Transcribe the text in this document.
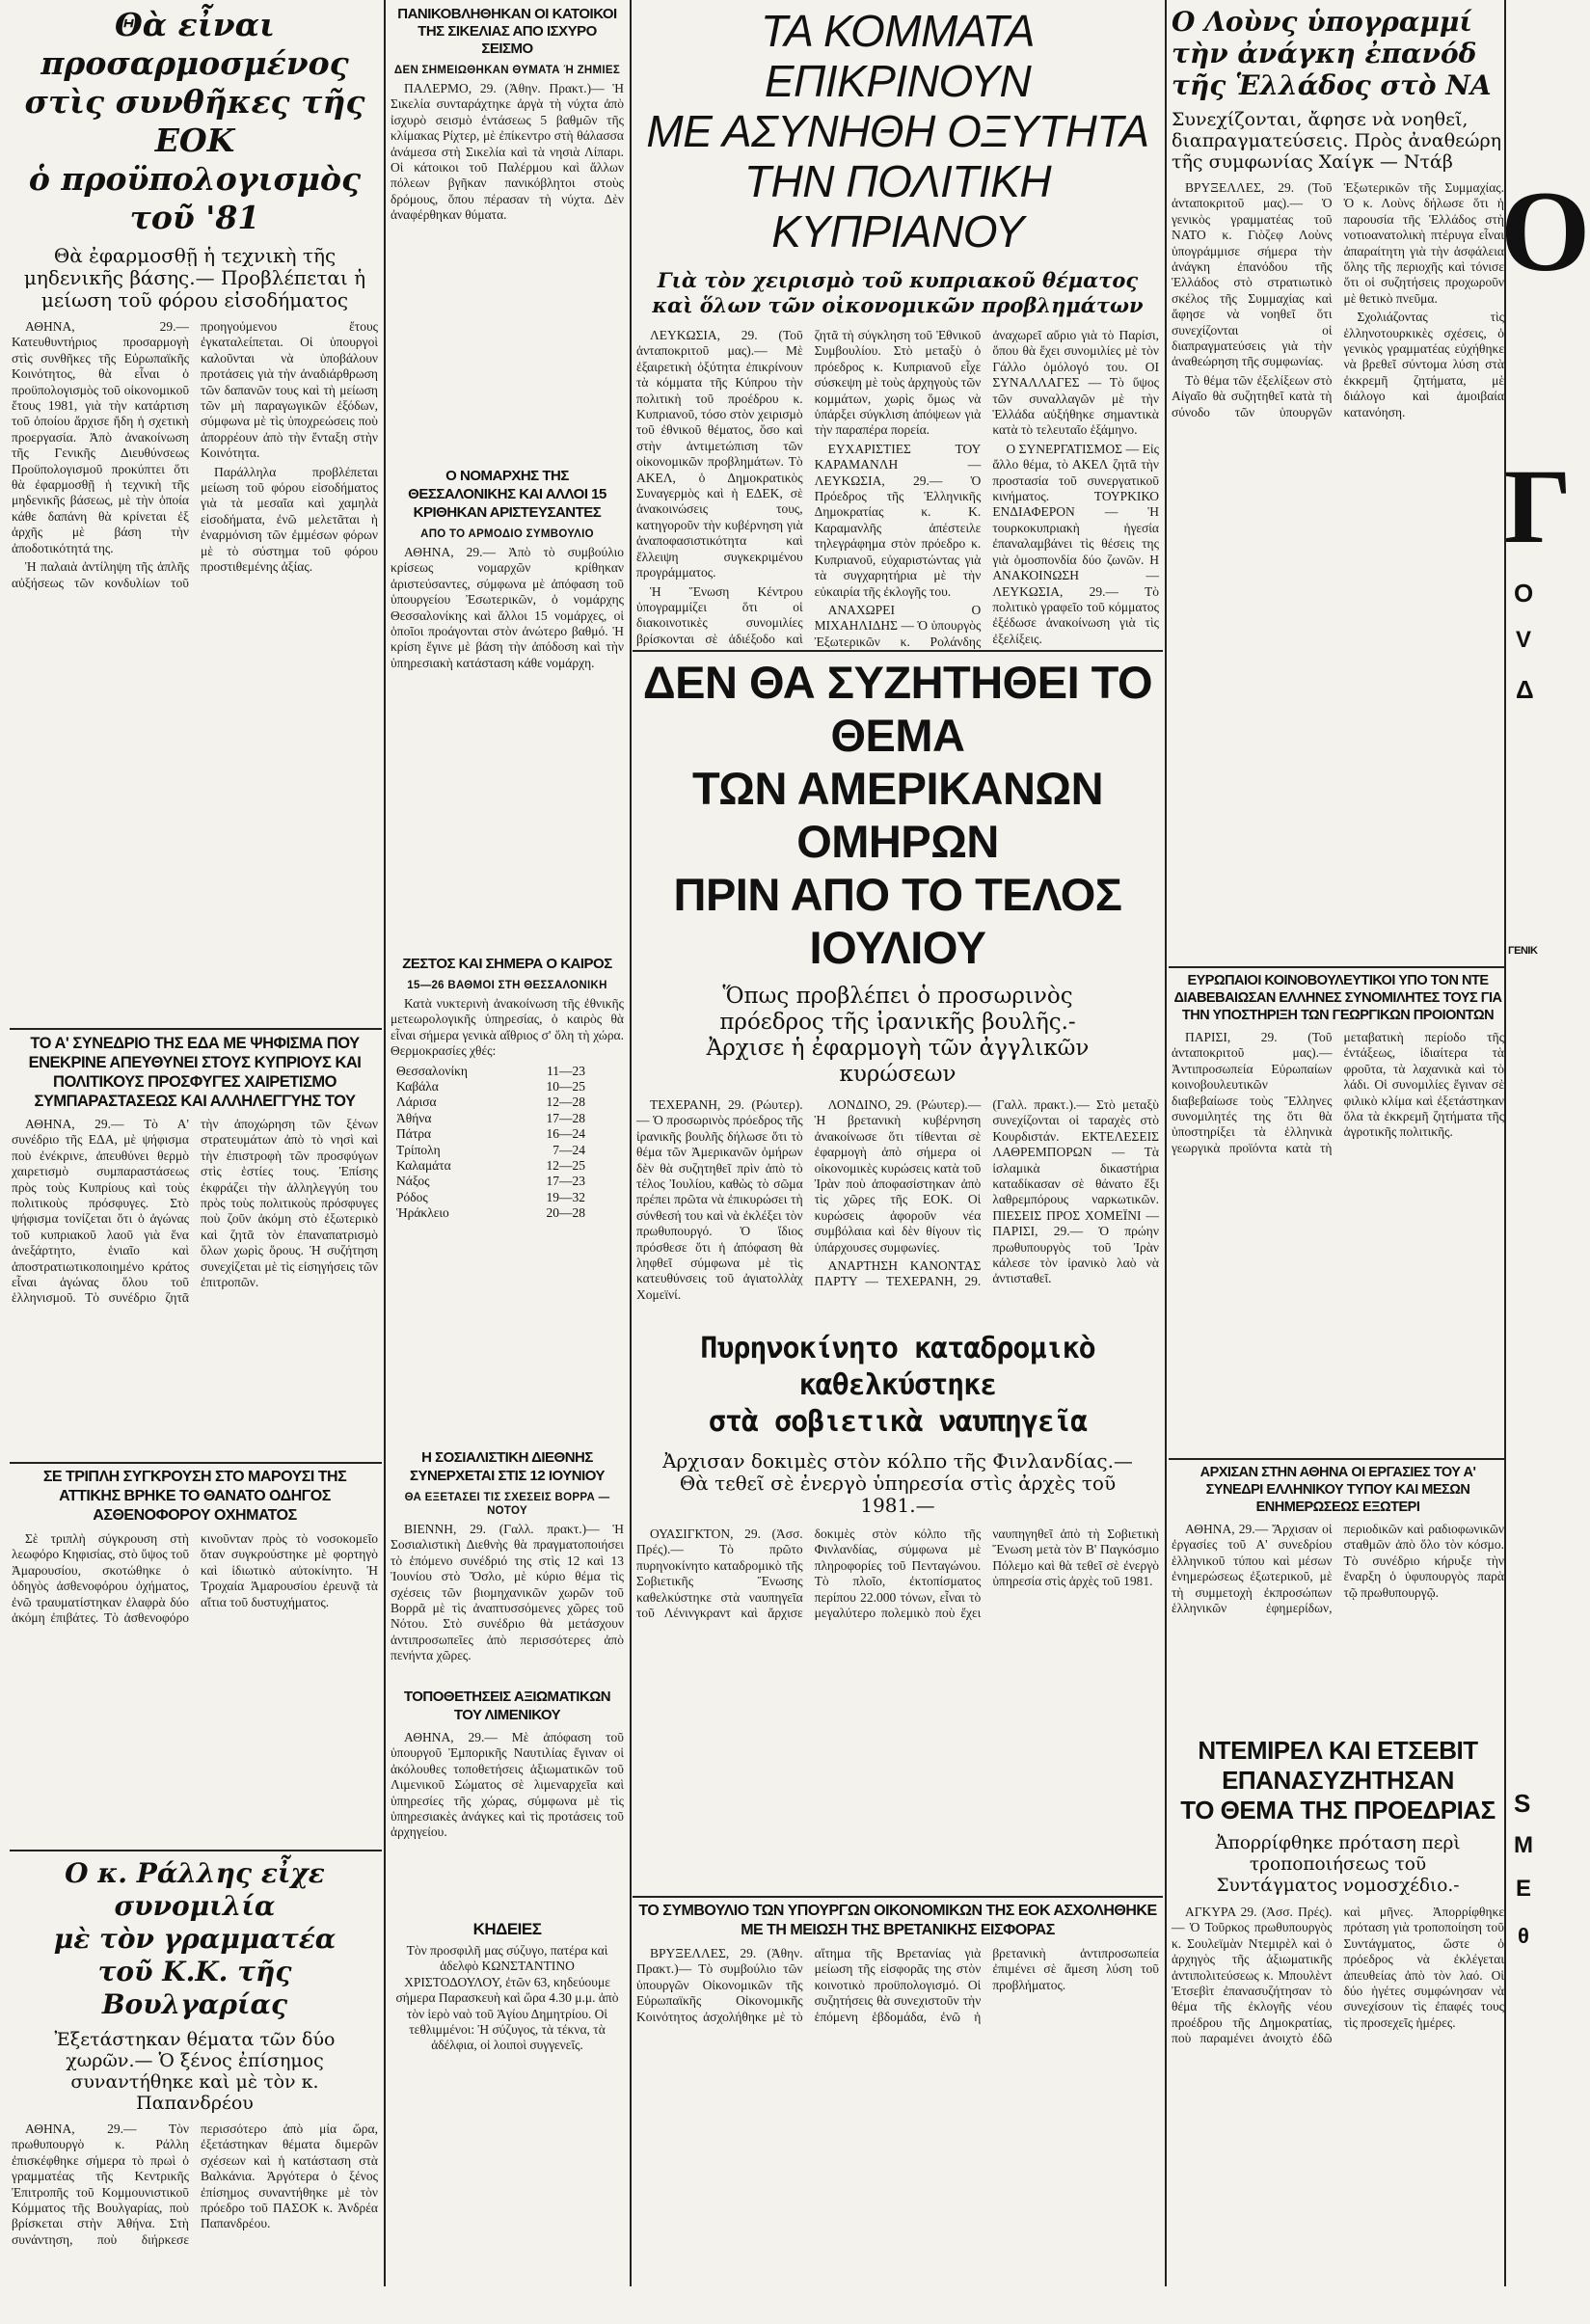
Θὰ εἶναι προσαρμοσμένος
στὶς συνθῆκες τῆς ΕΟΚ
ὁ προϋπολογισμὸς τοῦ '81
Θὰ ἐφαρμοσθῇ ἡ τεχνικὴ τῆς μηδενικῆς βάσης.— Προβλέπεται ἡ μείωση τοῦ φόρου εἰσοδήματος

ΑΘΗΝΑ, 29.— Κατευθυντήριος προσαρμογὴ στὶς συνθῆκες τῆς Εὐρωπαϊκῆς Κοινότητος, θὰ εἶναι ὁ προϋπολογισμὸς τοῦ οἰκονομικοῦ ἔτους 1981, γιὰ τὴν κατάρτιση τοῦ ὁποίου ἄρχισε ἤδη ἡ σχετικὴ προεργασία. Ἀπὸ ἀνακοίνωση τῆς Γενικῆς Διευθύνσεως Προϋπολογισμοῦ προκύπτει ὅτι θὰ ἐφαρμοσθῇ ἡ τεχνικὴ τῆς μηδενικῆς βάσεως, μὲ τὴν ὁποία κάθε δαπάνη θὰ κρίνεται ἐξ ἀρχῆς μὲ βάση τὴν ἀποδοτικότητά της.

Ἡ παλαιὰ ἀντίληψη τῆς ἁπλῆς αὐξήσεως τῶν κονδυλίων τοῦ προηγούμενου ἔτους ἐγκαταλείπεται. Οἱ ὑπουργοὶ καλοῦνται νὰ ὑποβάλουν προτάσεις γιὰ τὴν ἀναδιάρθρωση τῶν δαπανῶν τους καὶ τὴ μείωση τῶν μὴ παραγωγικῶν ἐξόδων, σύμφωνα μὲ τὶς ὑποχρεώσεις ποὺ ἀπορρέουν ἀπὸ τὴν ἔνταξη στὴν Κοινότητα.

Παράλληλα προβλέπεται μείωση τοῦ φόρου εἰσοδήματος γιὰ τὰ μεσαῖα καὶ χαμηλὰ εἰσοδήματα, ἐνῶ μελετᾶται ἡ ἐναρμόνιση τῶν ἐμμέσων φόρων μὲ τὸ σύστημα τοῦ φόρου προστιθεμένης ἀξίας.

ΤΟ Α' ΣΥΝΕΔΡΙΟ ΤΗΣ ΕΔΑ ΜΕ ΨΗΦΙΣΜΑ ΠΟΥ ΕΝΕΚΡΙΝΕ ΑΠΕΥΘΥΝΕΙ ΣΤΟΥΣ ΚΥΠΡΙΟΥΣ ΚΑΙ ΠΟΛΙΤΙΚΟΥΣ ΠΡΟΣΦΥΓΕΣ ΧΑΙΡΕΤΙΣΜΟ ΣΥΜΠΑΡΑΣΤΑΣΕΩΣ ΚΑΙ ΑΛΛΗΛΕΓΓΥΗΣ ΤΟΥ

ΑΘΗΝΑ, 29.— Τὸ Α' συνέδριο τῆς ΕΔΑ, μὲ ψήφισμα ποὺ ἐνέκρινε, ἀπευθύνει θερμὸ χαιρετισμὸ συμπαραστάσεως πρὸς τοὺς Κυπρίους καὶ τοὺς πολιτικοὺς πρόσφυγες. Στὸ ψήφισμα τονίζεται ὅτι ὁ ἀγώνας τοῦ κυπριακοῦ λαοῦ γιὰ ἕνα ἀνεξάρτητο, ἑνιαῖο καὶ ἀποστρατιωτικοποιημένο κράτος εἶναι ἀγώνας ὅλου τοῦ ἑλληνισμοῦ. Τὸ συνέδριο ζητᾶ τὴν ἀποχώρηση τῶν ξένων στρατευμάτων ἀπὸ τὸ νησὶ καὶ τὴν ἐπιστροφὴ τῶν προσφύγων στὶς ἑστίες τους. Ἐπίσης ἐκφράζει τὴν ἀλληλεγγύη του πρὸς τοὺς πολιτικοὺς πρόσφυγες ποὺ ζοῦν ἀκόμη στὸ ἐξωτερικὸ καὶ ζητᾶ τὸν ἐπαναπατρισμὸ ὅλων χωρὶς ὅρους. Ἡ συζήτηση συνεχίζεται μὲ τὶς εἰσηγήσεις τῶν ἐπιτροπῶν.

ΣΕ ΤΡΙΠΛΗ ΣΥΓΚΡΟΥΣΗ ΣΤΟ ΜΑΡΟΥΣΙ ΤΗΣ ΑΤΤΙΚΗΣ ΒΡΗΚΕ ΤΟ ΘΑΝΑΤΟ ΟΔΗΓΟΣ ΑΣΘΕΝΟΦΟΡΟΥ ΟΧΗΜΑΤΟΣ

Σὲ τριπλὴ σύγκρουση στὴ λεωφόρο Κηφισίας, στὸ ὕψος τοῦ Ἀμαρουσίου, σκοτώθηκε ὁ ὁδηγὸς ἀσθενοφόρου ὀχήματος, ἐνῶ τραυματίστηκαν ἐλαφρὰ δύο ἀκόμη ἐπιβάτες. Τὸ ἀσθενοφόρο κινοῦνταν πρὸς τὸ νοσοκομεῖο ὅταν συγκρούστηκε μὲ φορτηγὸ καὶ ἰδιωτικὸ αὐτοκίνητο. Ἡ Τροχαία Ἀμαρουσίου ἐρευνᾷ τὰ αἴτια τοῦ δυστυχήματος.

Ο κ. Ράλλης εἶχε συνομιλία
μὲ τὸν γραμματέα
τοῦ Κ.Κ. τῆς Βουλγαρίας
Ἐξετάστηκαν θέματα τῶν δύο χωρῶν.— Ὁ ξένος ἐπίσημος συναντήθηκε καὶ μὲ τὸν κ. Παπανδρέου

ΑΘΗΝΑ, 29.— Τὸν πρωθυπουργὸ κ. Ράλλη ἐπισκέφθηκε σήμερα τὸ πρωὶ ὁ γραμματέας τῆς Κεντρικῆς Ἐπιτροπῆς τοῦ Κομμουνιστικοῦ Κόμματος τῆς Βουλγαρίας, ποὺ βρίσκεται στὴν Ἀθήνα. Στὴ συνάντηση, ποὺ διήρκεσε περισσότερο ἀπὸ μία ὥρα, ἐξετάστηκαν θέματα διμερῶν σχέσεων καὶ ἡ κατάσταση στὰ Βαλκάνια. Ἀργότερα ὁ ξένος ἐπίσημος συναντήθηκε μὲ τὸν πρόεδρο τοῦ ΠΑΣΟΚ κ. Ἀνδρέα Παπανδρέου.

ΠΑΝΙΚΟΒΛΗΘΗΚΑΝ ΟΙ ΚΑΤΟΙΚΟΙ ΤΗΣ ΣΙΚΕΛΙΑΣ ΑΠΟ ΙΣΧΥΡΟ ΣΕΙΣΜΟ
ΔΕΝ ΣΗΜΕΙΩΘΗΚΑΝ ΘΥΜΑΤΑ Ή ΖΗΜΙΕΣ

ΠΑΛΕΡΜΟ, 29. (Ἀθην. Πρακτ.)— Ἡ Σικελία συνταράχτηκε ἀργὰ τὴ νύχτα ἀπὸ ἰσχυρὸ σεισμὸ ἐντάσεως 5 βαθμῶν τῆς κλίμακας Ρίχτερ, μὲ ἐπίκεντρο στὴ θάλασσα ἀνάμεσα στὴ Σικελία καὶ τὰ νησιὰ Λίπαρι. Οἱ κάτοικοι τοῦ Παλέρμου καὶ ἄλλων πόλεων βγῆκαν πανικόβλητοι στοὺς δρόμους, ὅπου πέρασαν τὴ νύχτα. Δὲν ἀναφέρθηκαν θύματα.

Ο ΝΟΜΑΡΧΗΣ ΤΗΣ ΘΕΣΣΑΛΟΝΙΚΗΣ ΚΑΙ ΑΛΛΟΙ 15 ΚΡΙΘΗΚΑΝ ΑΡΙΣΤΕΥΣΑΝΤΕΣ
ΑΠΟ ΤΟ ΑΡΜΟΔΙΟ ΣΥΜΒΟΥΛΙΟ

ΑΘΗΝΑ, 29.— Ἀπὸ τὸ συμβούλιο κρίσεως νομαρχῶν κρίθηκαν ἀριστεύσαντες, σύμφωνα μὲ ἀπόφαση τοῦ ὑπουργείου Ἐσωτερικῶν, ὁ νομάρχης Θεσσαλονίκης καὶ ἄλλοι 15 νομάρχες, οἱ ὁποῖοι προάγονται στὸν ἀνώτερο βαθμό. Ἡ κρίση ἔγινε μὲ βάση τὴν ἀπόδοση καὶ τὴν ὑπηρεσιακὴ κατάσταση κάθε νομάρχη.

ΖΕΣΤΟΣ ΚΑΙ ΣΗΜΕΡΑ Ο ΚΑΙΡΟΣ
15—26 ΒΑΘΜΟΙ ΣΤΗ ΘΕΣΣΑΛΟΝΙΚΗ

Κατὰ νυκτερινὴ ἀνακοίνωση τῆς ἐθνικῆς μετεωρολογικῆς ὑπηρεσίας, ὁ καιρὸς θὰ εἶναι σήμερα γενικὰ αἴθριος σ' ὅλη τὴ χώρα. Θερμοκρασίες χθές:

Θεσσαλονίκη	11—23
Καβάλα	10—25
Λάρισα	12—28
Ἀθήνα	17—28
Πάτρα	16—24
Τρίπολη	7—24
Καλαμάτα	12—25
Νάξος	17—23
Ρόδος	19—32
Ἡράκλειο	20—28
Η ΣΟΣΙΑΛΙΣΤΙΚΗ ΔΙΕΘΝΗΣ ΣΥΝΕΡΧΕΤΑΙ ΣΤΙΣ 12 ΙΟΥΝΙΟΥ
ΘΑ ΕΞΕΤΑΣΕΙ ΤΙΣ ΣΧΕΣΕΙΣ ΒΟΡΡΑ — ΝΟΤΟΥ

ΒΙΕΝΝΗ, 29. (Γαλλ. πρακτ.)— Ἡ Σοσιαλιστικὴ Διεθνὴς θὰ πραγματοποιήσει τὸ ἑπόμενο συνέδριό της στὶς 12 καὶ 13 Ἰουνίου στὸ Ὄσλο, μὲ κύριο θέμα τὶς σχέσεις τῶν βιομηχανικῶν χωρῶν τοῦ Βορρᾶ μὲ τὶς ἀναπτυσσόμενες χῶρες τοῦ Νότου. Στὸ συνέδριο θὰ μετάσχουν ἀντιπροσωπεῖες ἀπὸ περισσότερες ἀπὸ πενήντα χῶρες.

ΤΟΠΟΘΕΤΗΣΕΙΣ ΑΞΙΩΜΑΤΙΚΩΝ ΤΟΥ ΛΙΜΕΝΙΚΟΥ

ΑΘΗΝΑ, 29.— Μὲ ἀπόφαση τοῦ ὑπουργοῦ Ἐμπορικῆς Ναυτιλίας ἔγιναν οἱ ἀκόλουθες τοποθετήσεις ἀξιωματικῶν τοῦ Λιμενικοῦ Σώματος σὲ λιμεναρχεῖα καὶ ὑπηρεσίες τῆς χώρας, σύμφωνα μὲ τὶς ὑπηρεσιακὲς ἀνάγκες καὶ τὶς προτάσεις τοῦ ἀρχηγείου.

ΚΗΔΕΙΕΣ

Τὸν προσφιλῆ μας σύζυγο, πατέρα καὶ ἀδελφὸ ΚΩΝΣΤΑΝΤΙΝΟ ΧΡΙΣΤΟΔΟΥΛΟΥ, ἐτῶν 63, κηδεύουμε σήμερα Παρασκευὴ καὶ ὥρα 4.30 μ.μ. ἀπὸ τὸν ἱερὸ ναὸ τοῦ Ἁγίου Δημητρίου. Οἱ τεθλιμμένοι: Ἡ σύζυγος, τὰ τέκνα, τὰ ἀδέλφια, οἱ λοιποὶ συγγενεῖς.

ΤΑ ΚΟΜΜΑΤΑ ΕΠΙΚΡΙΝΟΥΝ
ΜΕ ΑΣΥΝΗΘΗ ΟΞΥΤΗΤΑ
ΤΗΝ ΠΟΛΙΤΙΚΗ ΚΥΠΡΙΑΝΟΥ
Γιὰ τὸν χειρισμὸ τοῦ κυπριακοῦ θέματος
καὶ ὅλων τῶν οἰκονομικῶν προβλημάτων

ΛΕΥΚΩΣΙΑ, 29. (Τοῦ ἀνταποκριτοῦ μας).— Μὲ ἐξαιρετικὴ ὀξύτητα ἐπικρίνουν τὰ κόμματα τῆς Κύπρου τὴν πολιτικὴ τοῦ προέδρου κ. Κυπριανοῦ, τόσο στὸν χειρισμὸ τοῦ ἐθνικοῦ θέματος, ὅσο καὶ στὴν ἀντιμετώπιση τῶν οἰκονομικῶν προβλημάτων. Τὸ ΑΚΕΛ, ὁ Δημοκρατικὸς Συναγερμὸς καὶ ἡ ΕΔΕΚ, σὲ ἀνακοινώσεις τους, κατηγοροῦν τὴν κυβέρνηση γιὰ ἀναποφασιστικότητα καὶ ἔλλειψη συγκεκριμένου προγράμματος.

Ἡ Ἕνωση Κέντρου ὑπογραμμίζει ὅτι οἱ διακοινοτικὲς συνομιλίες βρίσκονται σὲ ἀδιέξοδο καὶ ζητᾶ τὴ σύγκληση τοῦ Ἐθνικοῦ Συμβουλίου. Στὸ μεταξὺ ὁ πρόεδρος κ. Κυπριανοῦ εἶχε σύσκεψη μὲ τοὺς ἀρχηγοὺς τῶν κομμάτων, χωρὶς ὅμως νὰ ὑπάρξει σύγκλιση ἀπόψεων γιὰ τὴν παραπέρα πορεία.

ΕΥΧΑΡΙΣΤΙΕΣ ΤΟΥ ΚΑΡΑΜΑΝΛΗ — ΛΕΥΚΩΣΙΑ, 29.— Ὁ Πρόεδρος τῆς Ἑλληνικῆς Δημοκρατίας κ. Κ. Καραμανλῆς ἀπέστειλε τηλεγράφημα στὸν πρόεδρο κ. Κυπριανοῦ, εὐχαριστώντας γιὰ τὰ συγχαρητήρια μὲ τὴν εὐκαιρία τῆς ἐκλογῆς του.

ΑΝΑΧΩΡΕΙ Ο ΜΙΧΑΗΛΙΔΗΣ — Ὁ ὑπουργὸς Ἐξωτερικῶν κ. Ρολάνδης ἀναχωρεῖ αὔριο γιὰ τὸ Παρίσι, ὅπου θὰ ἔχει συνομιλίες μὲ τὸν Γάλλο ὁμόλογό του. ΟΙ ΣΥΝΑΛΛΑΓΕΣ — Τὸ ὕψος τῶν συναλλαγῶν μὲ τὴν Ἑλλάδα αὐξήθηκε σημαντικὰ κατὰ τὸ τελευταῖο ἑξάμηνο.

Ο ΣΥΝΕΡΓΑΤΙΣΜΟΣ — Εἰς ἄλλο θέμα, τὸ ΑΚΕΛ ζητᾶ τὴν προστασία τοῦ συνεργατικοῦ κινήματος. ΤΟΥΡΚΙΚΟ ΕΝΔΙΑΦΕΡΟΝ — Ἡ τουρκοκυπριακὴ ἡγεσία ἐπαναλαμβάνει τὶς θέσεις της γιὰ ὁμοσπονδία δύο ζωνῶν. Η ΑΝΑΚΟΙΝΩΣΗ — ΛΕΥΚΩΣΙΑ, 29.— Τὸ πολιτικὸ γραφεῖο τοῦ κόμματος ἐξέδωσε ἀνακοίνωση γιὰ τὶς ἐξελίξεις.

ΔΕΝ ΘΑ ΣΥΖΗΤΗΘΕΙ ΤΟ ΘΕΜΑ
ΤΩΝ ΑΜΕΡΙΚΑΝΩΝ ΟΜΗΡΩΝ
ΠΡΙΝ ΑΠΟ ΤΟ ΤΕΛΟΣ ΙΟΥΛΙΟΥ
Ὅπως προβλέπει ὁ προσωρινὸς πρόεδρος τῆς ἰρανικῆς βουλῆς.- Ἀρχισε ἡ ἐφαρμογὴ τῶν ἀγγλικῶν κυρώσεων

ΤΕΧΕΡΑΝΗ, 29. (Ρώυτερ).— Ὁ προσωρινὸς πρόεδρος τῆς ἰρανικῆς βουλῆς δήλωσε ὅτι τὸ θέμα τῶν Ἀμερικανῶν ὁμήρων δὲν θὰ συζητηθεῖ πρὶν ἀπὸ τὸ τέλος Ἰουλίου, καθὼς τὸ σῶμα πρέπει πρῶτα νὰ ἐπικυρώσει τὴ σύνθεσή του καὶ νὰ ἐκλέξει τὸν πρωθυπουργό. Ὁ ἴδιος πρόσθεσε ὅτι ἡ ἀπόφαση θὰ ληφθεῖ σύμφωνα μὲ τὶς κατευθύνσεις τοῦ ἀγιατολλὰχ Χομεϊνί.

ΛΟΝΔΙΝΟ, 29. (Ρώυτερ).— Ἡ βρετανικὴ κυβέρνηση ἀνακοίνωσε ὅτι τίθενται σὲ ἐφαρμογὴ ἀπὸ σήμερα οἱ οἰκονομικὲς κυρώσεις κατὰ τοῦ Ἰρὰν ποὺ ἀποφασίστηκαν ἀπὸ τὶς χῶρες τῆς ΕΟΚ. Οἱ κυρώσεις ἀφοροῦν νέα συμβόλαια καὶ δὲν θίγουν τὶς ὑπάρχουσες συμφωνίες.

ΑΝΑΡΤΗΣΗ ΚΑΝΟΝΤΑΣ ΠΑΡΤΥ — ΤΕΧΕΡΑΝΗ, 29. (Γαλλ. πρακτ.).— Στὸ μεταξὺ συνεχίζονται οἱ ταραχὲς στὸ Κουρδιστάν. ΕΚΤΕΛΕΣΕΙΣ ΛΑΘΡΕΜΠΟΡΩΝ — Τὰ ἰσλαμικὰ δικαστήρια καταδίκασαν σὲ θάνατο ἕξι λαθρεμπόρους ναρκωτικῶν. ΠΙΕΣΕΙΣ ΠΡΟΣ ΧΟΜΕΪΝΙ — ΠΑΡΙΣΙ, 29.— Ὁ πρώην πρωθυπουργὸς τοῦ Ἰρὰν κάλεσε τὸν ἰρανικὸ λαὸ νὰ ἀντισταθεῖ.

Πυρηνοκίνητο καταδρομικὸ
καθελκύστηκε
στὰ σοβιετικὰ ναυπηγεῖα
Ἀρχισαν δοκιμὲς στὸν κόλπο τῆς Φινλανδίας.— Θὰ τεθεῖ σὲ ἐνεργὸ ὑπηρεσία στὶς ἀρχὲς τοῦ 1981.—

ΟΥΑΣΙΓΚΤΟΝ, 29. (Ἀσσ. Πρές).— Τὸ πρῶτο πυρηνοκίνητο καταδρομικὸ τῆς Σοβιετικῆς Ἕνωσης καθελκύστηκε στὰ ναυπηγεῖα τοῦ Λένινγκραντ καὶ ἄρχισε δοκιμὲς στὸν κόλπο τῆς Φινλανδίας, σύμφωνα μὲ πληροφορίες τοῦ Πενταγώνου. Τὸ πλοῖο, ἐκτοπίσματος περίπου 22.000 τόνων, εἶναι τὸ μεγαλύτερο πολεμικὸ ποὺ ἔχει ναυπηγηθεῖ ἀπὸ τὴ Σοβιετικὴ Ἕνωση μετὰ τὸν Β' Παγκόσμιο Πόλεμο καὶ θὰ τεθεῖ σὲ ἐνεργὸ ὑπηρεσία στὶς ἀρχὲς τοῦ 1981.

ΤΟ ΣΥΜΒΟΥΛΙΟ ΤΩΝ ΥΠΟΥΡΓΩΝ ΟΙΚΟΝΟΜΙΚΩΝ ΤΗΣ ΕΟΚ ΑΣΧΟΛΗΘΗΚΕ ΜΕ ΤΗ ΜΕΙΩΣΗ ΤΗΣ ΒΡΕΤΑΝΙΚΗΣ ΕΙΣΦΟΡΑΣ

ΒΡΥΞΕΛΛΕΣ, 29. (Ἀθην. Πρακτ.)— Τὸ συμβούλιο τῶν ὑπουργῶν Οἰκονομικῶν τῆς Εὐρωπαϊκῆς Οἰκονομικῆς Κοινότητος ἀσχολήθηκε μὲ τὸ αἴτημα τῆς Βρετανίας γιὰ μείωση τῆς εἰσφορᾶς της στὸν κοινοτικὸ προϋπολογισμό. Οἱ συζητήσεις θὰ συνεχιστοῦν τὴν ἑπόμενη ἑβδομάδα, ἐνῶ ἡ βρετανικὴ ἀντιπροσωπεία ἐπιμένει σὲ ἄμεση λύση τοῦ προβλήματος.

Ο Λοὺνς ὑπογραμμί
τὴν ἀνάγκη ἐπανόδ
τῆς Ἑλλάδος στὸ ΝΑ
Συνεχίζονται, ἄφησε νὰ νοηθεῖ, διαπραγματεύσεις. Πρὸς ἀναθεώρη τῆς συμφωνίας Χαίγκ — Ντάβ

ΒΡΥΞΕΛΛΕΣ, 29. (Τοῦ ἀνταποκριτοῦ μας).— Ὁ γενικὸς γραμματέας τοῦ ΝΑΤΟ κ. Γιὸζεφ Λοὺνς ὑπογράμμισε σήμερα τὴν ἀνάγκη ἐπανόδου τῆς Ἑλλάδος στὸ στρατιωτικὸ σκέλος τῆς Συμμαχίας καὶ ἄφησε νὰ νοηθεῖ ὅτι συνεχίζονται οἱ διαπραγματεύσεις γιὰ τὴν ἀναθεώρηση τῆς συμφωνίας.

Τὸ θέμα τῶν ἐξελίξεων στὸ Αἰγαῖο θὰ συζητηθεῖ κατὰ τὴ σύνοδο τῶν ὑπουργῶν Ἐξωτερικῶν τῆς Συμμαχίας. Ὁ κ. Λοὺνς δήλωσε ὅτι ἡ παρουσία τῆς Ἑλλάδος στὴ νοτιοανατολικὴ πτέρυγα εἶναι ἀπαραίτητη γιὰ τὴν ἀσφάλεια ὅλης τῆς περιοχῆς καὶ τόνισε ὅτι οἱ συζητήσεις προχωροῦν μὲ θετικὸ πνεῦμα.

Σχολιάζοντας τὶς ἑλληνοτουρκικὲς σχέσεις, ὁ γενικὸς γραμματέας εὐχήθηκε νὰ βρεθεῖ σύντομα λύση στὰ ἐκκρεμῆ ζητήματα, μὲ διάλογο καὶ ἀμοιβαία κατανόηση.

ΕΥΡΩΠΑΙΟΙ ΚΟΙΝΟΒΟΥΛΕΥΤΙΚΟΙ ΥΠΟ ΤΟΝ ΝΤΕ ΔΙΑΒΕΒΑΙΩΣΑΝ ΕΛΛΗΝΕΣ ΣΥΝΟΜΙΛΗΤΕΣ ΤΟΥΣ ΓΙΑ ΤΗΝ ΥΠΟΣΤΗΡΙΞΗ ΤΩΝ ΓΕΩΡΓΙΚΩΝ ΠΡΟΙΟΝΤΩΝ

ΠΑΡΙΣΙ, 29. (Τοῦ ἀνταποκριτοῦ μας).— Ἀντιπροσωπεία Εὐρωπαίων κοινοβουλευτικῶν διαβεβαίωσε τοὺς Ἕλληνες συνομιλητές της ὅτι θὰ ὑποστηρίξει τὰ ἑλληνικὰ γεωργικὰ προϊόντα κατὰ τὴ μεταβατικὴ περίοδο τῆς ἐντάξεως, ἰδιαίτερα τὰ φροῦτα, τὰ λαχανικὰ καὶ τὸ λάδι. Οἱ συνομιλίες ἔγιναν σὲ φιλικὸ κλίμα καὶ ἐξετάστηκαν ὅλα τὰ ἐκκρεμῆ ζητήματα τῆς ἀγροτικῆς πολιτικῆς.

ΑΡΧΙΣΑΝ ΣΤΗΝ ΑΘΗΝΑ ΟΙ ΕΡΓΑΣΙΕΣ ΤΟΥ Α' ΣΥΝΕΔΡΙ ΕΛΛΗΝΙΚΟΥ ΤΥΠΟΥ ΚΑΙ ΜΕΣΩΝ ΕΝΗΜΕΡΩΣΕΩΣ ΕΞΩΤΕΡΙ

ΑΘΗΝΑ, 29.— Ἄρχισαν οἱ ἐργασίες τοῦ Α' συνεδρίου ἑλληνικοῦ τύπου καὶ μέσων ἐνημερώσεως ἐξωτερικοῦ, μὲ τὴ συμμετοχὴ ἐκπροσώπων ἑλληνικῶν ἐφημερίδων, περιοδικῶν καὶ ραδιοφωνικῶν σταθμῶν ἀπὸ ὅλο τὸν κόσμο. Τὸ συνέδριο κήρυξε τὴν ἔναρξη ὁ ὑφυπουργὸς παρὰ τῷ πρωθυπουργῷ.

ΝΤΕΜΙΡΕΛ ΚΑΙ ΕΤΣΕΒΙΤ
ΕΠΑΝΑΣΥΖΗΤΗΣΑΝ
ΤΟ ΘΕΜΑ ΤΗΣ ΠΡΟΕΔΡΙΑΣ
Ἀπορρίφθηκε πρόταση περὶ τροποποιήσεως τοῦ Συντάγματος νομοσχέδιο.-

ΑΓΚΥΡΑ 29. (Ἀσσ. Πρές).— Ὁ Τοῦρκος πρωθυπουργὸς κ. Σουλεϊμὰν Ντεμιρὲλ καὶ ὁ ἀρχηγὸς τῆς ἀξιωματικῆς ἀντιπολιτεύσεως κ. Μπουλὲντ Ἐτσεβὶτ ἐπανασυζήτησαν τὸ θέμα τῆς ἐκλογῆς νέου προέδρου τῆς Δημοκρατίας, ποὺ παραμένει ἀνοιχτὸ ἐδῶ καὶ μῆνες. Ἀπορρίφθηκε πρόταση γιὰ τροποποίηση τοῦ Συντάγματος, ὥστε ὁ πρόεδρος νὰ ἐκλέγεται ἀπευθείας ἀπὸ τὸν λαό. Οἱ δύο ἡγέτες συμφώνησαν νὰ συνεχίσουν τὶς ἐπαφές τους τὶς προσεχεῖς ἡμέρες.

Ο
Γ
Ο
V
Δ
ΓΕΝΙΚ
S
Μ
Ε
θ
